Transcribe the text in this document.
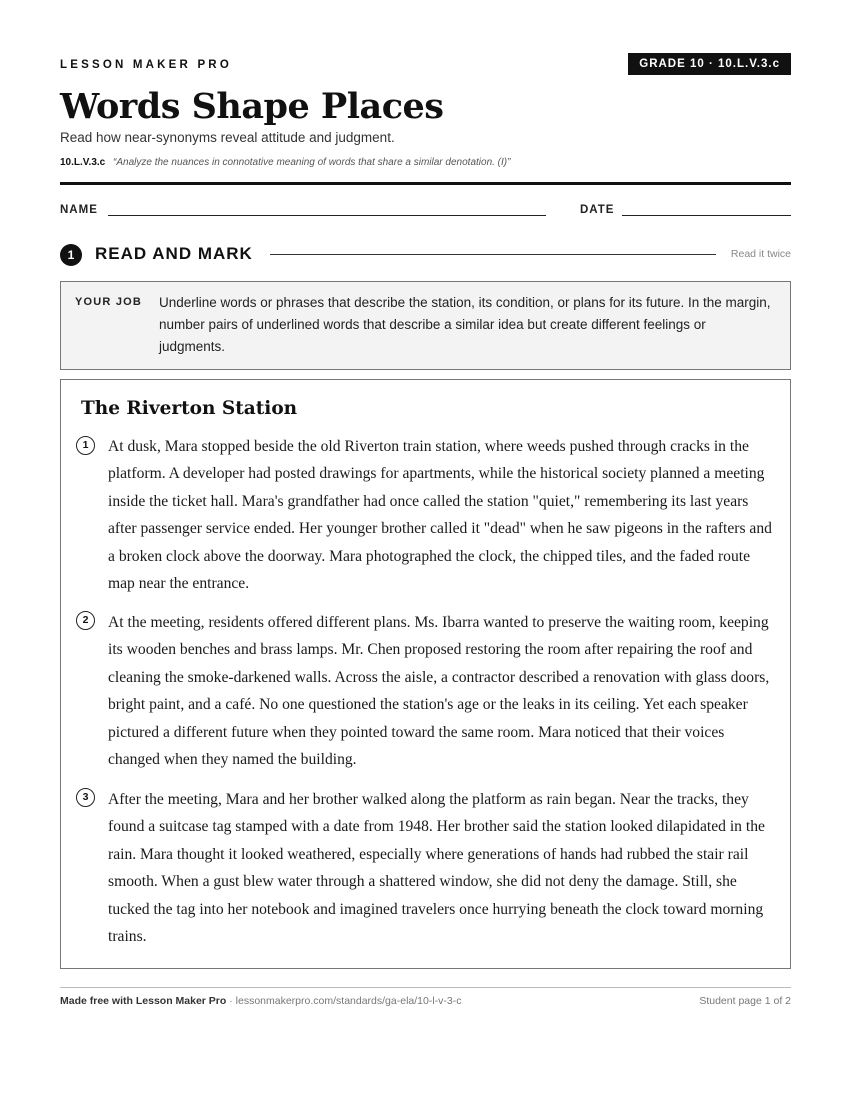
LESSON MAKER PRO	GRADE 10 · 10.L.V.3.c
Words Shape Places
Read how near-synonyms reveal attitude and judgment.
10.L.V.3.c “Analyze the nuances in connotative meaning of words that share a similar denotation. (I)”
NAME	DATE
1	READ AND MARK	Read it twice
YOUR JOB Underline words or phrases that describe the station, its condition, or plans for its future. In the margin, number pairs of underlined words that describe a similar idea but create different feelings or judgments.
The Riverton Station
1	At dusk, Mara stopped beside the old Riverton train station, where weeds pushed through cracks in the platform. A developer had posted drawings for apartments, while the historical society planned a meeting inside the ticket hall. Mara's grandfather had once called the station "quiet," remembering its last years after passenger service ended. Her younger brother called it "dead" when he saw pigeons in the rafters and a broken clock above the doorway. Mara photographed the clock, the chipped tiles, and the faded route map near the entrance.

2	At the meeting, residents offered different plans. Ms. Ibarra wanted to preserve the waiting room, keeping its wooden benches and brass lamps. Mr. Chen proposed restoring the room after repairing the roof and cleaning the smoke-darkened walls. Across the aisle, a contractor described a renovation with glass doors, bright paint, and a café. No one questioned the station's age or the leaks in its ceiling. Yet each speaker pictured a different future when they pointed toward the same room. Mara noticed that their voices changed when they named the building.

3	After the meeting, Mara and her brother walked along the platform as rain began. Near the tracks, they found a suitcase tag stamped with a date from 1948. Her brother said the station looked dilapidated in the rain. Mara thought it looked weathered, especially where generations of hands had rubbed the stair rail smooth. When a gust blew water through a shattered window, she did not deny the damage. Still, she tucked the tag into her notebook and imagined travelers once hurrying beneath the clock toward morning trains.

Made free with Lesson Maker Pro · lessonmakerpro.com/standards/ga-ela/10-l-v-3-c	Student page 1 of 2
